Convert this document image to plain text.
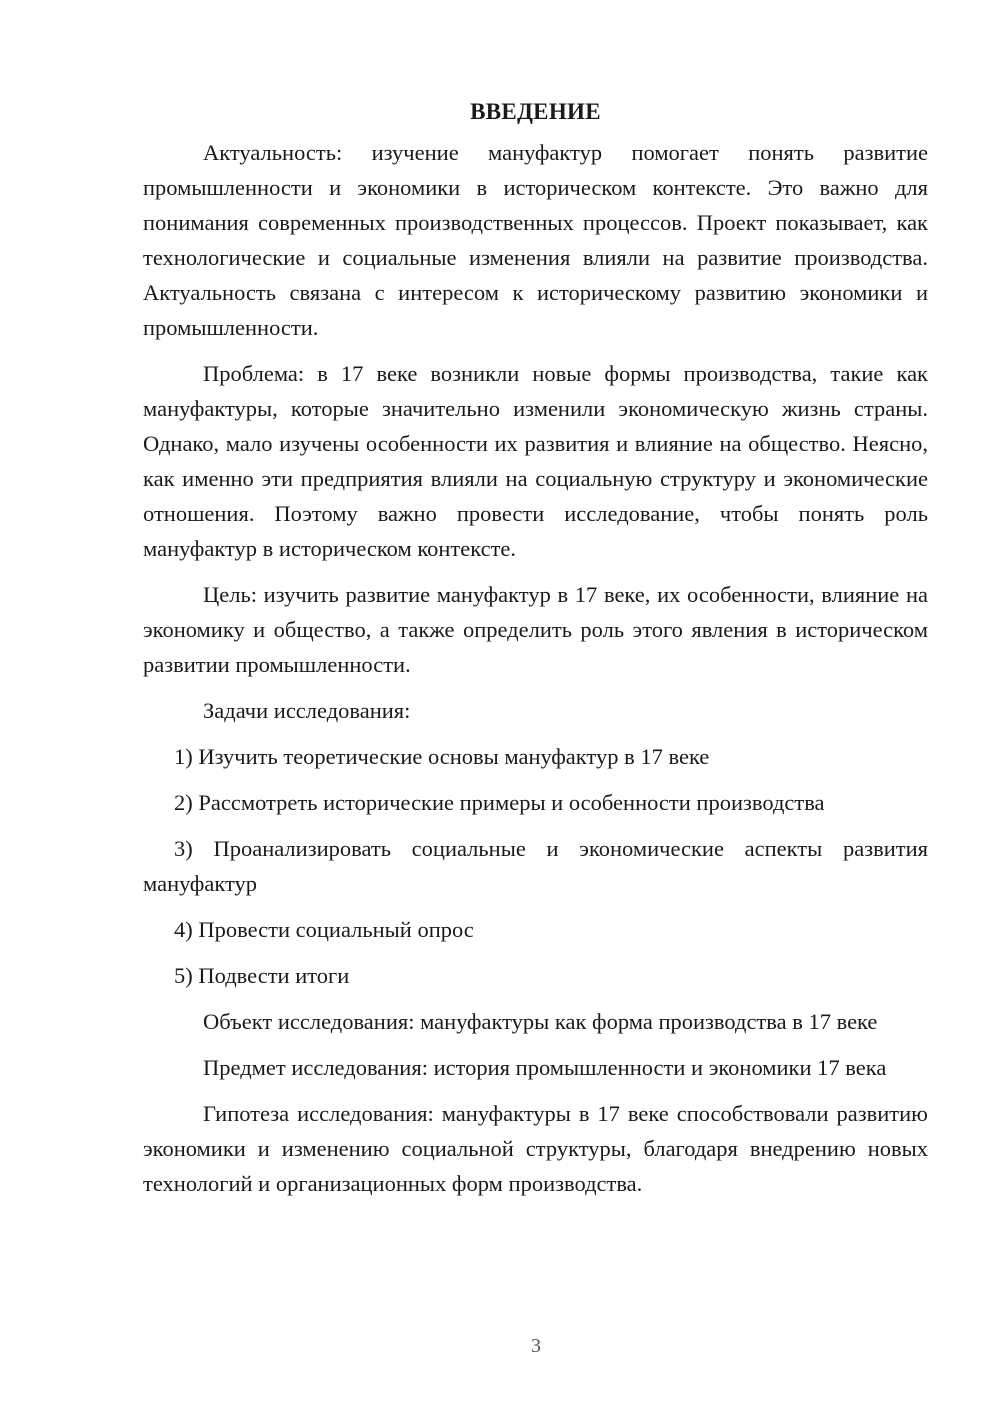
ВВЕДЕНИЕ

Актуальность: изучение мануфактур помогает понять развитие промышленности и экономики в историческом контексте. Это важно для понимания современных производственных процессов. Проект показывает, как технологические и социальные изменения влияли на развитие производства. Актуальность связана с интересом к историческому развитию экономики и промышленности.

Проблема: в 17 веке возникли новые формы производства, такие как мануфактуры, которые значительно изменили экономическую жизнь страны. Однако, мало изучены особенности их развития и влияние на общество. Неясно, как именно эти предприятия влияли на социальную структуру и экономические отношения. Поэтому важно провести исследование, чтобы понять роль мануфактур в историческом контексте.

Цель: изучить развитие мануфактур в 17 веке, их особенности, влияние на экономику и общество, а также определить роль этого явления в историческом развитии промышленности.

Задачи исследования:

1) Изучить теоретические основы мануфактур в 17 веке

2) Рассмотреть исторические примеры и особенности производства

3) Проанализировать социальные и экономические аспекты развития мануфактур

4) Провести социальный опрос

5) Подвести итоги

Объект исследования: мануфактуры как форма производства в 17 веке

Предмет исследования: история промышленности и экономики 17 века

Гипотеза исследования: мануфактуры в 17 веке способствовали развитию экономики и изменению социальной структуры, благодаря внедрению новых технологий и организационных форм производства.

3
